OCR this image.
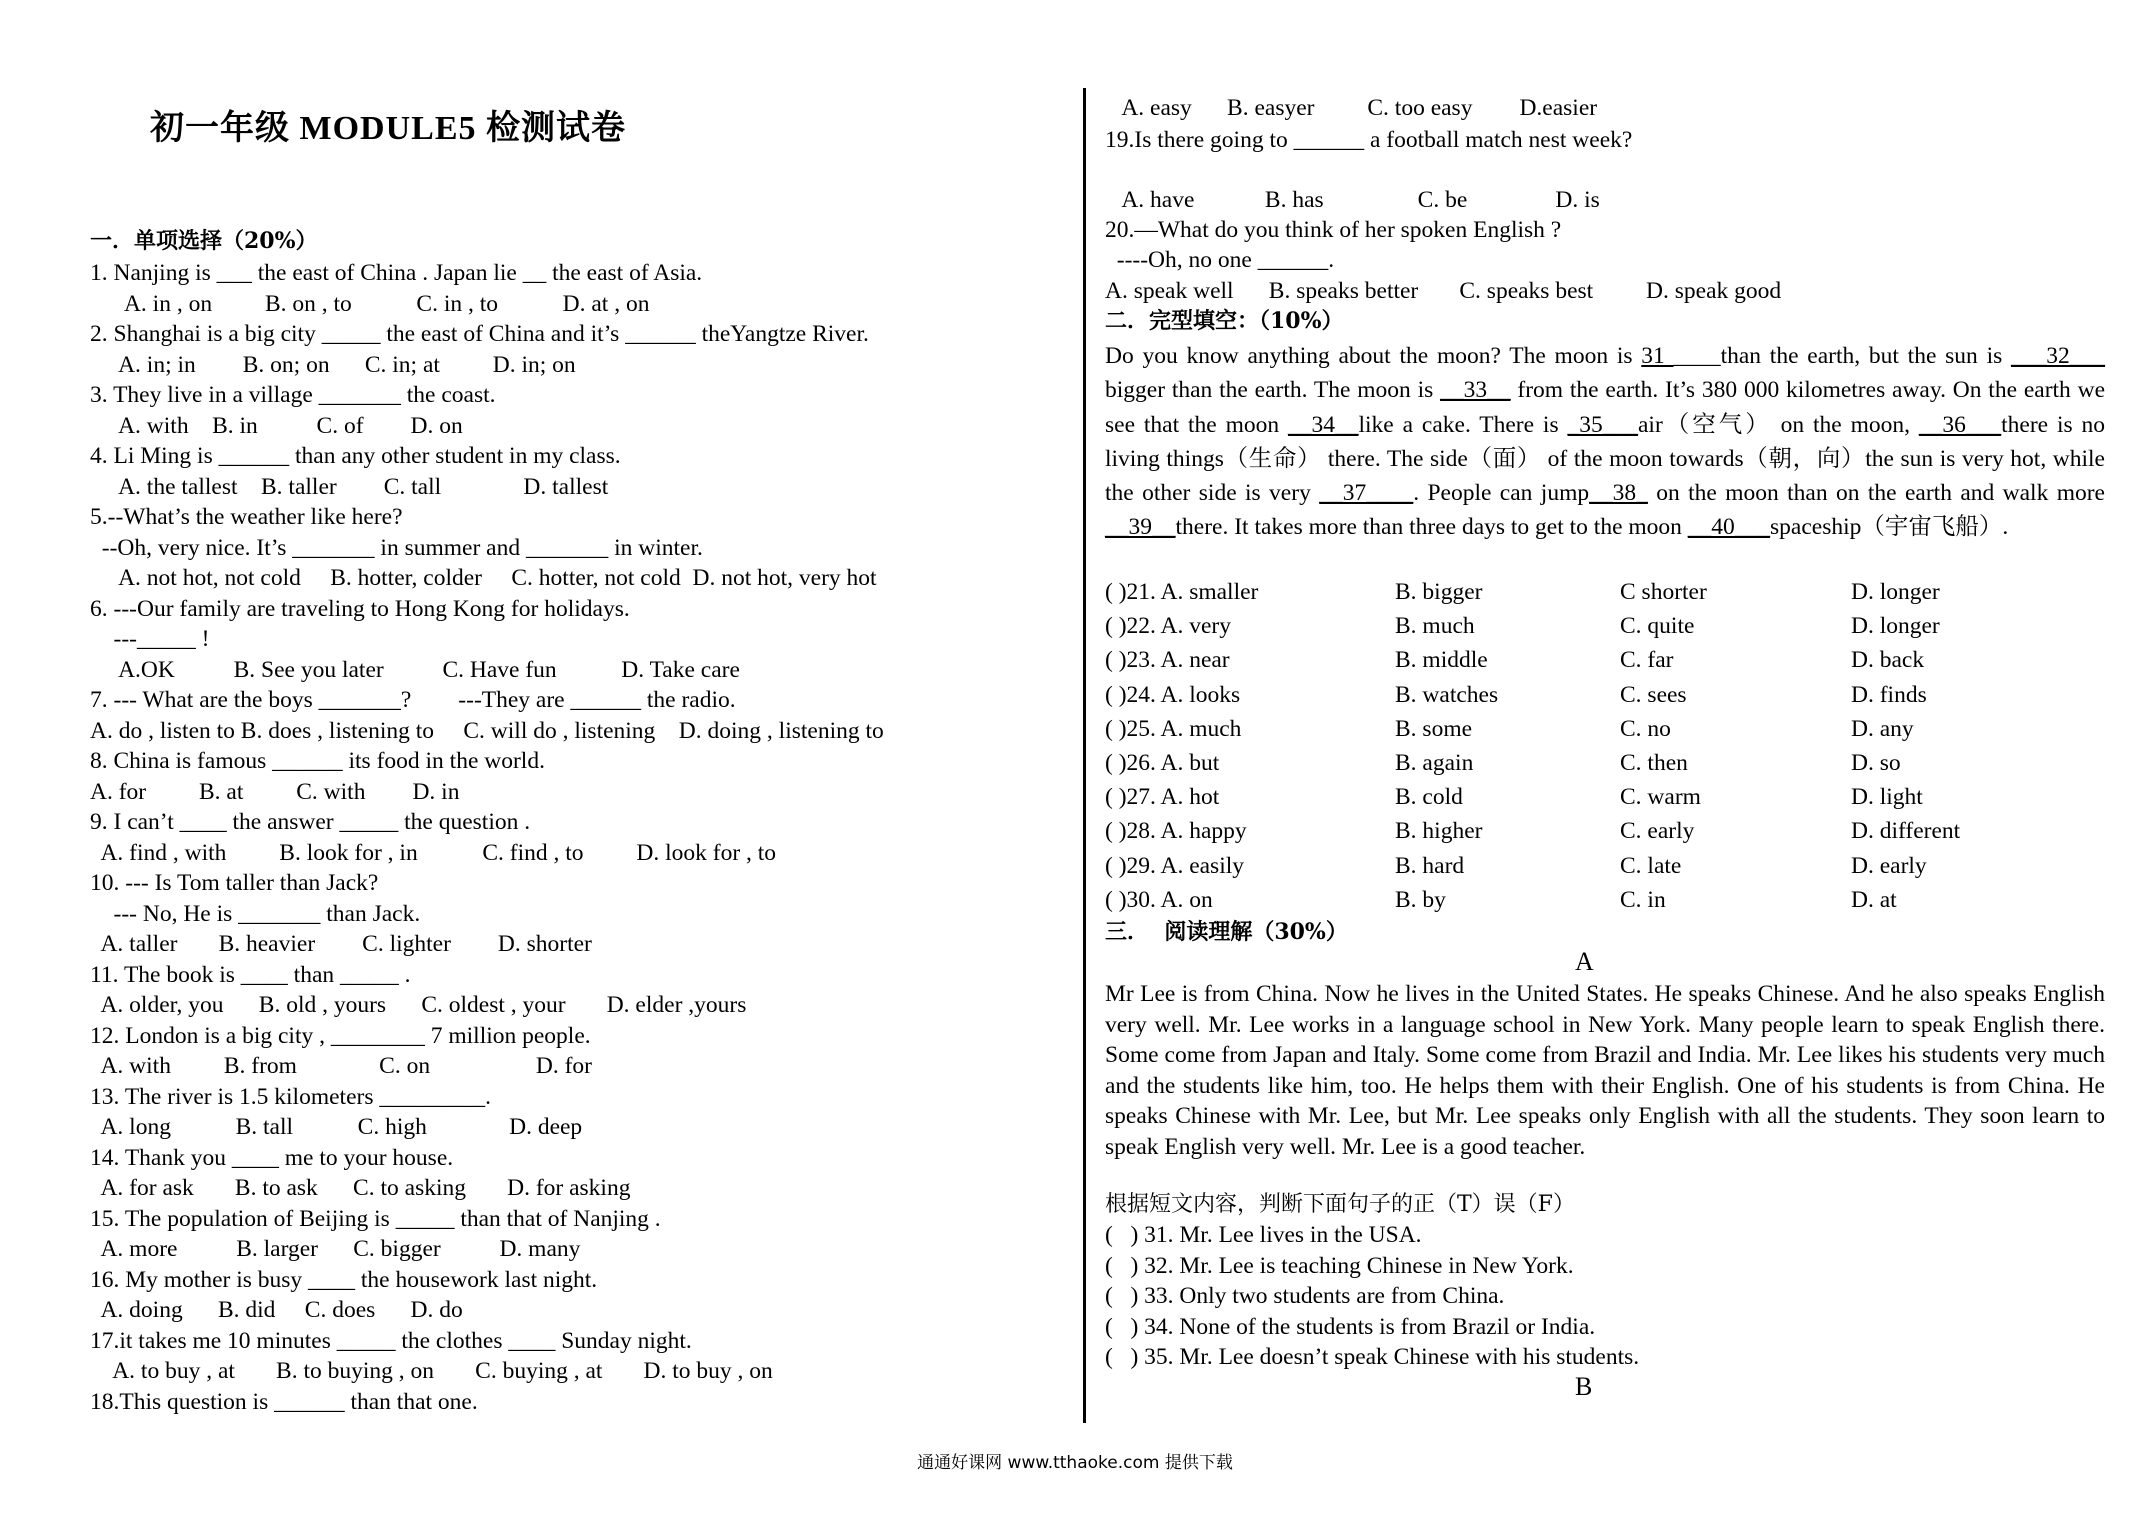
初一年级 MODULE5 检测试卷
一．单项选择（20%）
1. Nanjing is ___ the east of China . Japan lie __ the east of Asia.
A. in , on         B. on , to           C. in , to           D. at , on
2. Shanghai is a big city _____ the east of China and it’s ______ theYangtze River.
A. in; in        B. on; on      C. in; at         D. in; on
3. They live in a village _______ the coast.
A. with    B. in          C. of        D. on
4. Li Ming is ______ than any other student in my class.
A. the tallest    B. taller        C. tall              D. tallest
5.--What’s the weather like here?
--Oh, very nice. It’s _______ in summer and _______ in winter.
A. not hot, not cold     B. hotter, colder     C. hotter, not cold  D. not hot, very hot
6. ---Our family are traveling to Hong Kong for holidays.
---_____ !
A.OK          B. See you later          C. Have fun           D. Take care
7. --- What are the boys _______?        ---They are ______ the radio.
A. do , listen to B. does , listening to     C. will do , listening    D. doing , listening to
8. China is famous ______ its food in the world.
A. for         B. at         C. with        D. in
9. I can’t ____ the answer _____ the question .
A. find , with         B. look for , in           C. find , to         D. look for , to
10. --- Is Tom taller than Jack?
--- No, He is _______ than Jack.
A. taller       B. heavier        C. lighter        D. shorter
11. The book is ____ than _____ .
A. older, you      B. old , yours      C. oldest , your       D. elder ,yours
12. London is a big city , ________ 7 million people.
A. with         B. from              C. on                  D. for
13. The river is 1.5 kilometers _________.
A. long           B. tall           C. high              D. deep
14. Thank you ____ me to your house.
A. for ask       B. to ask      C. to asking       D. for asking
15. The population of Beijing is _____ than that of Nanjing .
A. more          B. larger      C. bigger          D. many
16. My mother is busy ____ the housework last night.
A. doing      B. did     C. does      D. do
17.it takes me 10 minutes _____ the clothes ____ Sunday night.
A. to buy , at       B. to buying , on       C. buying , at       D. to buy , on
18.This question is ______ than that one.
A. easy      B. easyer         C. too easy        D.easier
19.Is there going to ______ a football match nest week?
A. have            B. has                C. be               D. is
20.—What do you think of her spoken English ?
----Oh, no one ______.
A. speak well      B. speaks better       C. speaks best         D. speak good
二．完型填空：（10%）
Do you know anything about the moon? The moon is 31 ____than the earth, but the sun is ___32___ bigger than the earth. The moon is __33__ from the earth. It’s 380 000 kilometres away. On the earth we see that the moon __34__like a cake. There is _35___air（空气） on the moon, __36___there is no living things（生命） there. The side（面） of the moon towards（朝，向）the sun is very hot, while the other side is very __37____. People can jump__38_ on the moon than on the earth and walk more __39__there. It takes more than three days to get to the moon __40___spaceship（宇宙飞船）.
( )21. A. smaller	B. bigger	C shorter	D. longer
( )22. A. very	B. much	C. quite	D. longer
( )23. A. near	B. middle	C. far	D. back
( )24. A. looks	B. watches	C. sees	D. finds
( )25. A. much	B. some	C. no	D. any
( )26. A. but	B. again	C. then	D. so
( )27. A. hot	B. cold	C. warm	D. light
( )28. A. happy	B. higher	C. early	D. different
( )29. A. easily	B. hard	C. late	D. early
( )30. A. on	B. by	C. in	D. at
三．  阅读理解（30%）
A
Mr Lee is from China. Now he lives in the United States. He speaks Chinese. And he also speaks English very well. Mr. Lee works in a language school in New York. Many people learn to speak English there. Some come from Japan and Italy. Some come from Brazil and India. Mr. Lee likes his students very much and the students like him, too. He helps them with their English. One of his students is from China. He speaks Chinese with Mr. Lee, but Mr. Lee speaks only English with all the students. They soon learn to speak English very well. Mr. Lee is a good teacher.
根据短文内容，判断下面句子的正（T）误（F）
(   ) 31. Mr. Lee lives in the USA.
(   ) 32. Mr. Lee is teaching Chinese in New York.
(   ) 33. Only two students are from China.
(   ) 34. None of the students is from Brazil or India.
(   ) 35. Mr. Lee doesn’t speak Chinese with his students.
B
通通好课网 www.tthaoke.com 提供下载
